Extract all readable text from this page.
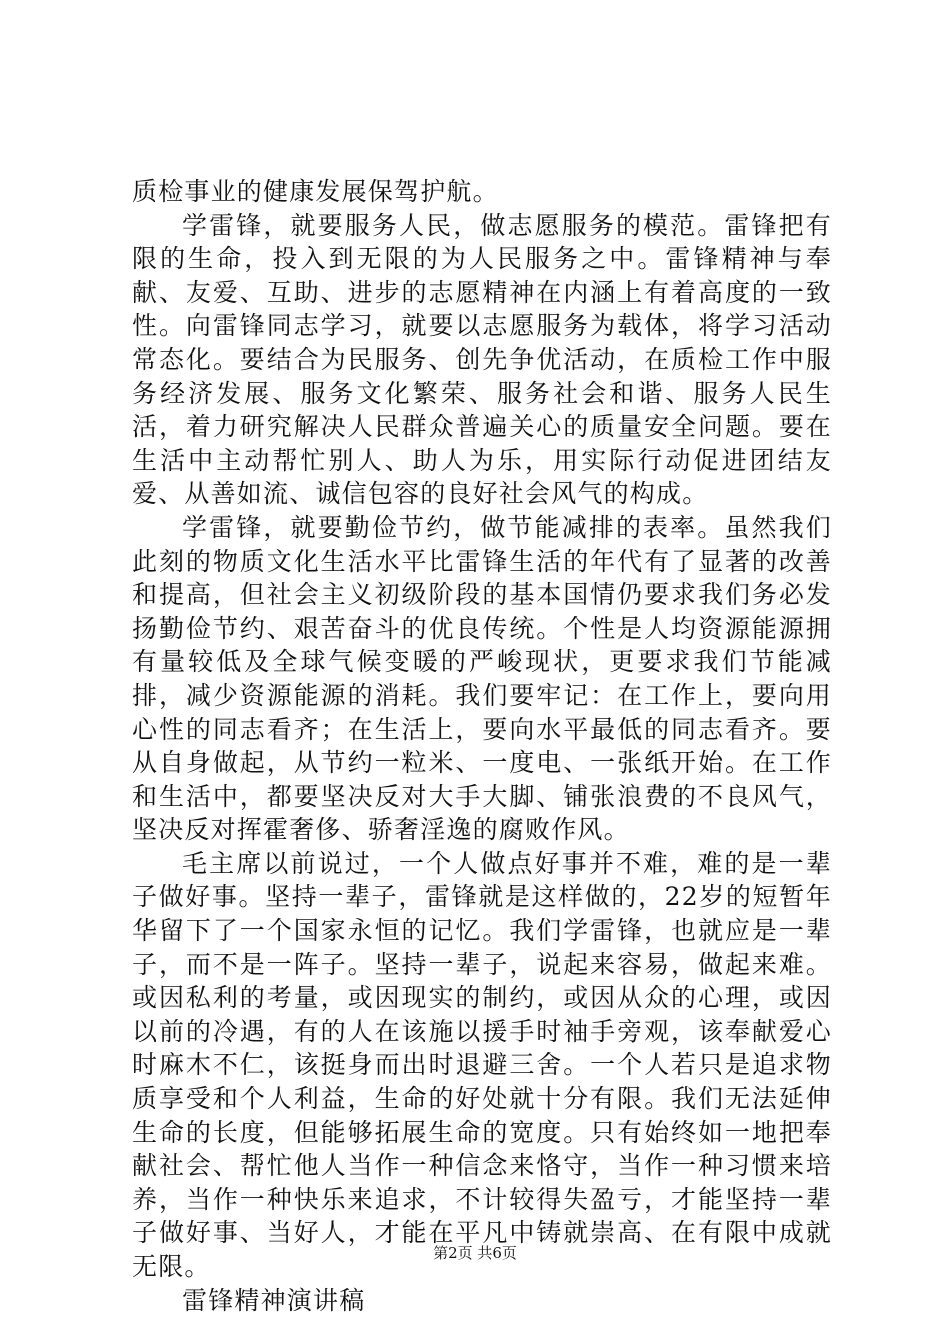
质检事业的健康发展保驾护航。

学雷锋，就要服务人民，做志愿服务的模范。雷锋把有限的生命，投入到无限的为人民服务之中。雷锋精神与奉献、友爱、互助、进步的志愿精神在内涵上有着高度的一致性。向雷锋同志学习，就要以志愿服务为载体，将学习活动常态化。要结合为民服务、创先争优活动，在质检工作中服务经济发展、服务文化繁荣、服务社会和谐、服务人民生活，着力研究解决人民群众普遍关心的质量安全问题。要在生活中主动帮忙别人、助人为乐，用实际行动促进团结友爱、从善如流、诚信包容的良好社会风气的构成。

学雷锋，就要勤俭节约，做节能减排的表率。虽然我们此刻的物质文化生活水平比雷锋生活的年代有了显著的改善和提高，但社会主义初级阶段的基本国情仍要求我们务必发扬勤俭节约、艰苦奋斗的优良传统。个性是人均资源能源拥有量较低及全球气候变暖的严峻现状，更要求我们节能减排，减少资源能源的消耗。我们要牢记：在工作上，要向用心性的同志看齐；在生活上，要向水平最低的同志看齐。要从自身做起，从节约一粒米、一度电、一张纸开始。在工作和生活中，都要坚决反对大手大脚、铺张浪费的不良风气，坚决反对挥霍奢侈、骄奢淫逸的腐败作风。

毛主席以前说过，一个人做点好事并不难，难的是一辈子做好事。坚持一辈子，雷锋就是这样做的，22岁的短暂年华留下了一个国家永恒的记忆。我们学雷锋，也就应是一辈子，而不是一阵子。坚持一辈子，说起来容易，做起来难。或因私利的考量，或因现实的制约，或因从众的心理，或因以前的冷遇，有的人在该施以援手时袖手旁观，该奉献爱心时麻木不仁，该挺身而出时退避三舍。一个人若只是追求物质享受和个人利益，生命的好处就十分有限。我们无法延伸生命的长度，但能够拓展生命的宽度。只有始终如一地把奉献社会、帮忙他人当作一种信念来恪守，当作一种习惯来培养，当作一种快乐来追求，不计较得失盈亏，才能坚持一辈子做好事、当好人，才能在平凡中铸就崇高、在有限中成就无限。

雷锋精神演讲稿

第2页 共6页
